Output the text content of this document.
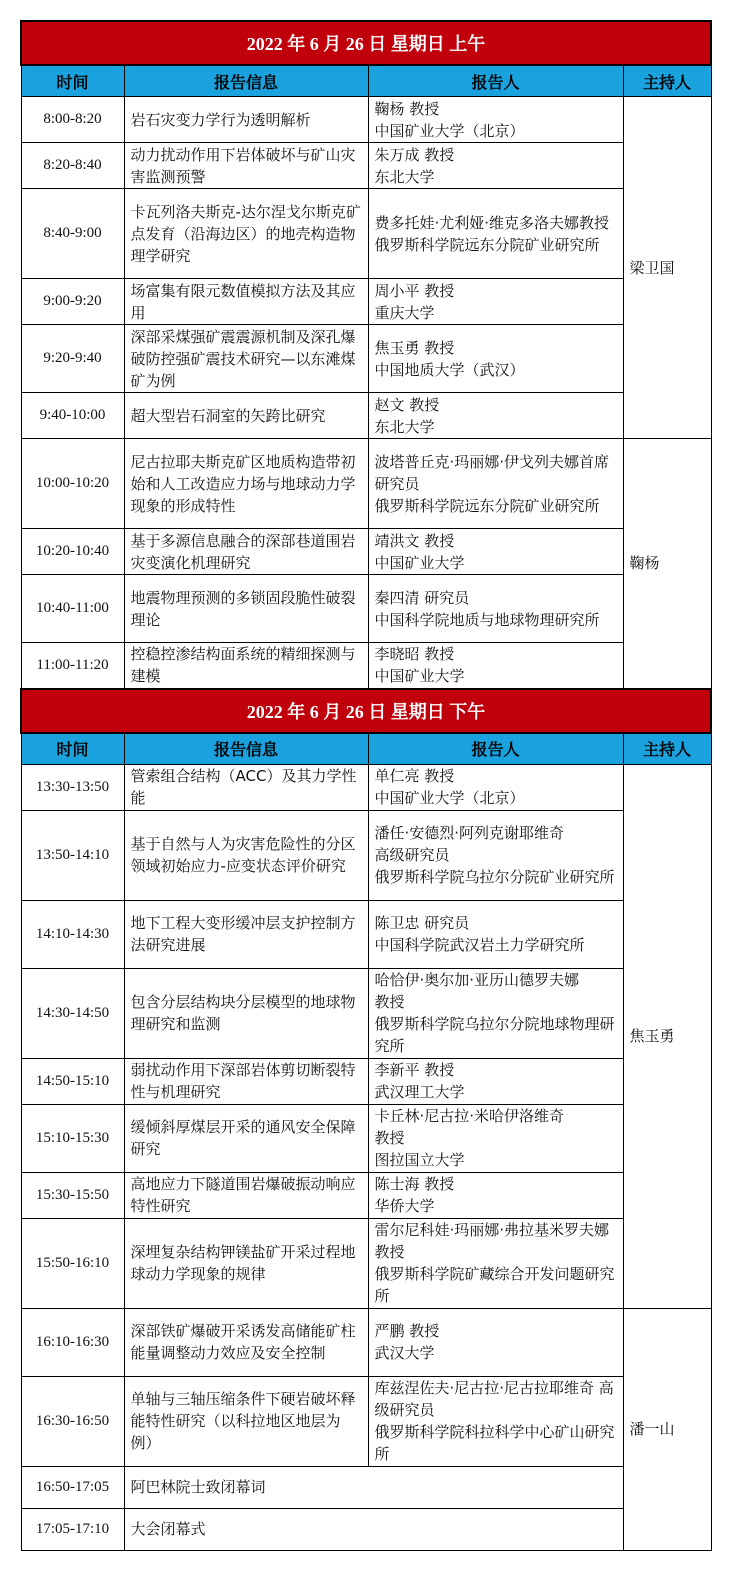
2022 年 6 月 26 日 星期日 上午			
时间	报告信息	报告人	主持人
8:00-8:20	岩石灾变力学行为透明解析	鞠杨 教授
中国矿业大学（北京）	梁卫国
8:20-8:40	动力扰动作用下岩体破坏与矿山灾害监测预警	朱万成 教授
东北大学	

8:40-9:00	卡瓦列洛夫斯克-达尔涅戈尔斯克矿点发育（沿海边区）的地壳构造物理学研究	费多托娃·尤利娅·维克多洛夫娜教授
俄罗斯科学院远东分院矿业研究所	

9:00-9:20	场富集有限元数值模拟方法及其应用	周小平 教授
重庆大学	

9:20-9:40	深部采煤强矿震震源机制及深孔爆破防控强矿震技术研究—以东滩煤矿为例	焦玉勇 教授
中国地质大学（武汉）	

9:40-10:00	超大型岩石洞室的矢跨比研究	赵文 教授
东北大学	

10:00-10:20	尼古拉耶夫斯克矿区地质构造带初始和人工改造应力场与地球动力学现象的形成特性	波塔普丘克·玛丽娜·伊戈列夫娜首席研究员
俄罗斯科学院远东分院矿业研究所	鞠杨
10:20-10:40	基于多源信息融合的深部巷道围岩灾变演化机理研究	靖洪文 教授
中国矿业大学	

10:40-11:00	地震物理预测的多锁固段脆性破裂理论	秦四清 研究员
中国科学院地质与地球物理研究所	

11:00-11:20	控稳控渗结构面系统的精细探测与建模	李晓昭 教授
中国矿业大学	

2022 年 6 月 26 日 星期日 下午			
时间	报告信息	报告人	主持人
13:30-13:50	管索组合结构（ACC）及其力学性能	单仁亮 教授
中国矿业大学（北京）	焦玉勇
13:50-14:10	基于自然与人为灾害危险性的分区领域初始应力-应变状态评价研究	潘任·安德烈·阿列克谢耶维奇
高级研究员
俄罗斯科学院乌拉尔分院矿业研究所	

14:10-14:30	地下工程大变形缓冲层支护控制方法研究进展	陈卫忠 研究员
中国科学院武汉岩土力学研究所	

14:30-14:50	包含分层结构块分层模型的地球物理研究和监测	哈恰伊·奥尔加·亚历山德罗夫娜
教授
俄罗斯科学院乌拉尔分院地球物理研究所	

14:50-15:10	弱扰动作用下深部岩体剪切断裂特性与机理研究	李新平 教授
武汉理工大学	

15:10-15:30	缓倾斜厚煤层开采的通风安全保障研究	卡丘林·尼古拉·米哈伊洛维奇
教授
图拉国立大学	

15:30-15:50	高地应力下隧道围岩爆破振动响应特性研究	陈士海 教授
华侨大学	

15:50-16:10	深埋复杂结构钾镁盐矿开采过程地球动力学现象的规律	雷尔尼科娃·玛丽娜·弗拉基米罗夫娜 教授
俄罗斯科学院矿藏综合开发问题研究所	

16:10-16:30	深部铁矿爆破开采诱发高储能矿柱能量调整动力效应及安全控制	严鹏 教授
武汉大学	潘一山
16:30-16:50	单轴与三轴压缩条件下硬岩破坏释能特性研究（以科拉地区地层为例）	库兹涅佐夫·尼古拉·尼古拉耶维奇 高级研究员
俄罗斯科学院科拉科学中心矿山研究所	

16:50-17:05	阿巴林院士致闭幕词		
17:05-17:10	大会闭幕式		
